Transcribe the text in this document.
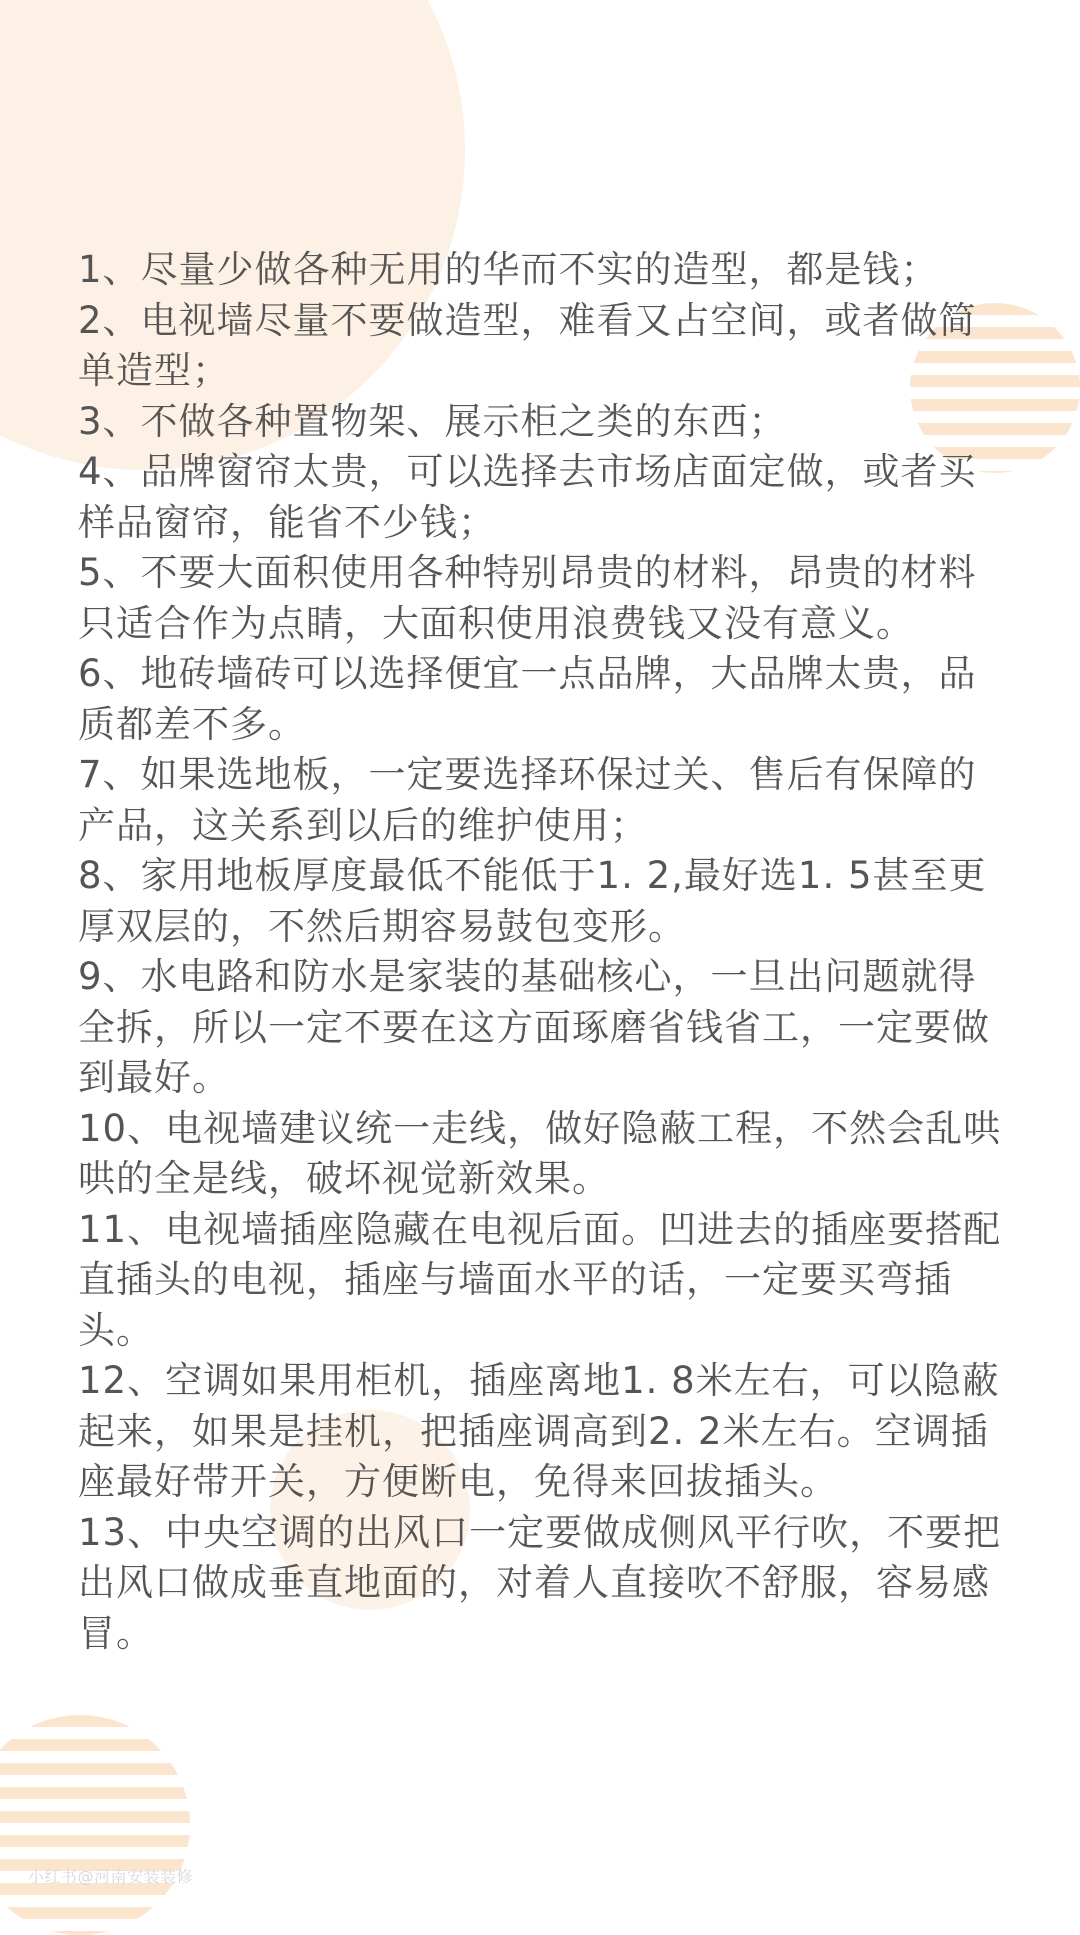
1、尽量少做各种无用的华而不实的造型，都是钱；

2、电视墙尽量不要做造型，难看又占空间，或者做简单造型；

3、不做各种置物架、展示柜之类的东西；

4、品牌窗帘太贵，可以选择去市场店面定做，或者买样品窗帘，能省不少钱；

5、不要大面积使用各种特别昂贵的材料，昂贵的材料只适合作为点睛，大面积使用浪费钱又没有意义。

6、地砖墙砖可以选择便宜一点品牌，大品牌太贵，品质都差不多。

7、如果选地板，一定要选择环保过关、售后有保障的产品，这关系到以后的维护使用；

8、家用地板厚度最低不能低于1. 2,最好选1. 5甚至更厚双层的，不然后期容易鼓包变形。

9、水电路和防水是家装的基础核心，一旦出问题就得全拆，所以一定不要在这方面琢磨省钱省工，一定要做到最好。

10、电视墙建议统一走线，做好隐蔽工程，不然会乱哄哄的全是线，破坏视觉新效果。

11、电视墙插座隐藏在电视后面。凹进去的插座要搭配直插头的电视，插座与墙面水平的话，一定要买弯插头。

12、空调如果用柜机，插座离地1. 8米左右，可以隐蔽起来，如果是挂机，把插座调高到2. 2米左右。空调插座最好带开关，方便断电，免得来回拔插头。

13、中央空调的出风口一定要做成侧风平行吹，不要把出风口做成垂直地面的，对着人直接吹不舒服，容易感冒。

小红书@河南安装装修
